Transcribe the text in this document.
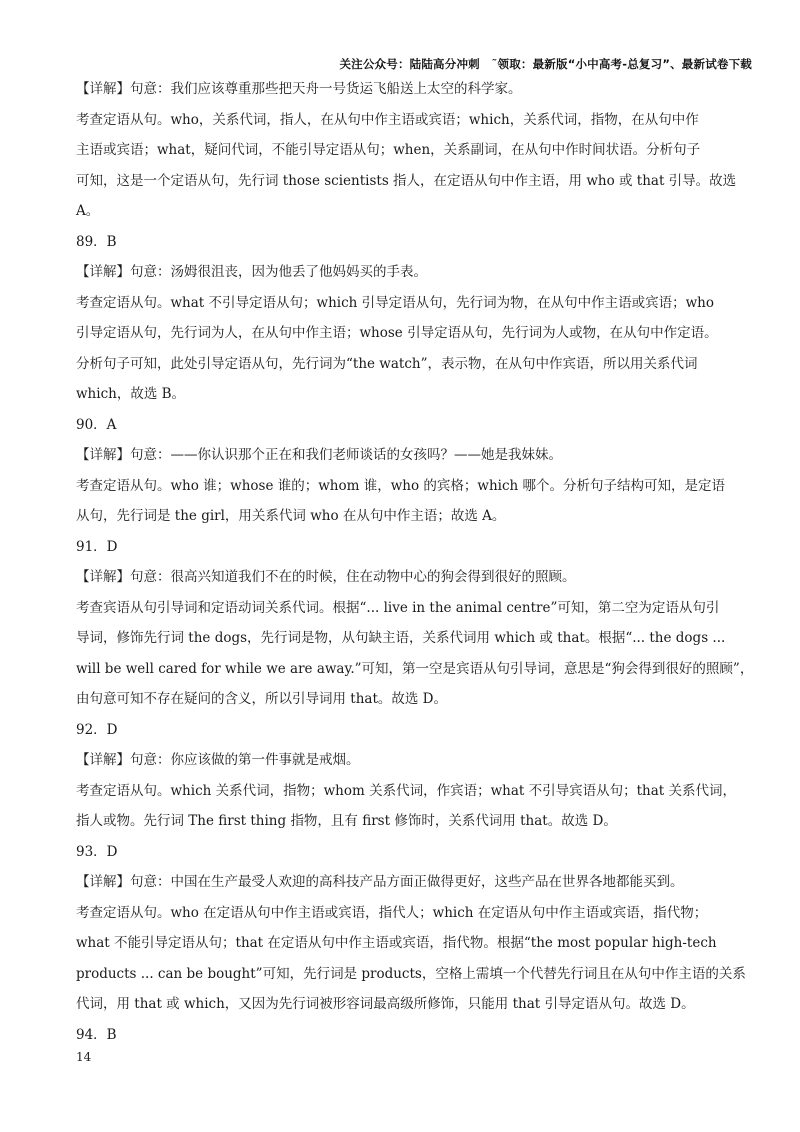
关注公众号：陆陆高分冲刺　˜领取：最新版“小中高考-总复习”、最新试卷下载
【详解】句意：我们应该尊重那些把天舟一号货运飞船送上太空的科学家。
考查定语从句。who，关系代词，指人，在从句中作主语或宾语；which，关系代词，指物，在从句中作
主语或宾语；what，疑问代词，不能引导定语从句；when，关系副词，在从句中作时间状语。分析句子
可知，这是一个定语从句，先行词 those scientists 指人，在定语从句中作主语，用 who 或 that 引导。故选
A。
89．B
【详解】句意：汤姆很沮丧，因为他丢了他妈妈买的手表。
考查定语从句。what 不引导定语从句；which 引导定语从句，先行词为物，在从句中作主语或宾语；who
引导定语从句，先行词为人，在从句中作主语；whose 引导定语从句，先行词为人或物，在从句中作定语。
分析句子可知，此处引导定语从句，先行词为“the watch”，表示物，在从句中作宾语，所以用关系代词
which，故选 B。
90．A
【详解】句意：——你认识那个正在和我们老师谈话的女孩吗？——她是我妹妹。
考查定语从句。who 谁；whose 谁的；whom 谁，who 的宾格；which 哪个。分析句子结构可知，是定语
从句，先行词是 the girl，用关系代词 who 在从句中作主语；故选 A。
91．D
【详解】句意：很高兴知道我们不在的时候，住在动物中心的狗会得到很好的照顾。
考查宾语从句引导词和定语动词关系代词。根据“... live in the animal centre”可知，第二空为定语从句引
导词，修饰先行词 the dogs，先行词是物，从句缺主语，关系代词用 which 或 that。根据“... the dogs ...
will be well cared for while we are away.”可知，第一空是宾语从句引导词，意思是“狗会得到很好的照顾”，
由句意可知不存在疑问的含义，所以引导词用 that。故选 D。
92．D
【详解】句意：你应该做的第一件事就是戒烟。
考查定语从句。which 关系代词，指物；whom 关系代词，作宾语；what 不引导宾语从句；that 关系代词，
指人或物。先行词 The first thing 指物，且有 first 修饰时，关系代词用 that。故选 D。
93．D
【详解】句意：中国在生产最受人欢迎的高科技产品方面正做得更好，这些产品在世界各地都能买到。
考查定语从句。who 在定语从句中作主语或宾语，指代人；which 在定语从句中作主语或宾语，指代物；
what 不能引导定语从句；that 在定语从句中作主语或宾语，指代物。根据“the most popular high-tech
products ... can be bought”可知，先行词是 products，空格上需填一个代替先行词且在从句中作主语的关系
代词，用 that 或 which，又因为先行词被形容词最高级所修饰，只能用 that 引导定语从句。故选 D。
94．B
14
